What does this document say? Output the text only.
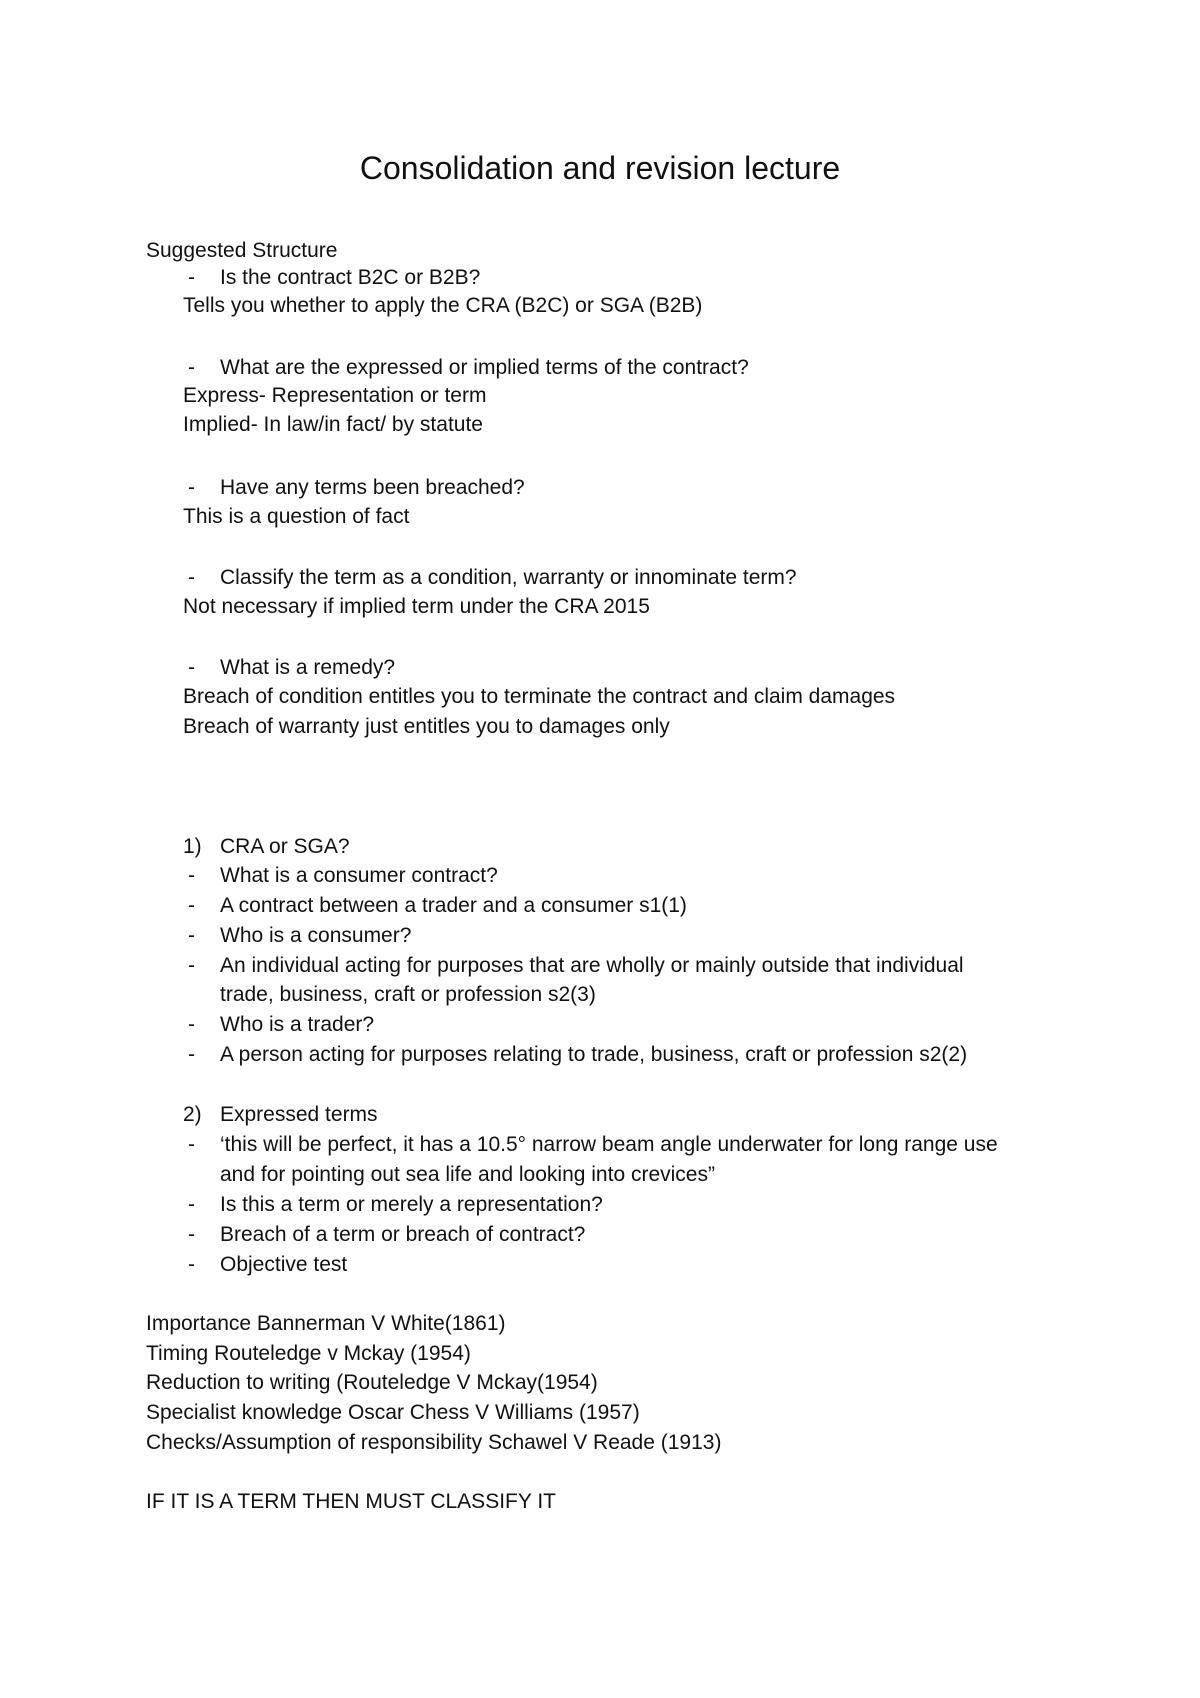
Consolidation and revision lecture
Suggested Structure
- Is the contract B2C or B2B?
Tells you whether to apply the CRA (B2C) or SGA (B2B)
- What are the expressed or implied terms of the contract?
Express- Representation or term
Implied- In law/in fact/ by statute
- Have any terms been breached?
This is a question of fact
- Classify the term as a condition, warranty or innominate term?
Not necessary if implied term under the CRA 2015
- What is a remedy?
Breach of condition entitles you to terminate the contract and claim damages
Breach of warranty just entitles you to damages only
1) CRA or SGA?
- What is a consumer contract?
- A contract between a trader and a consumer s1(1)
- Who is a consumer?
- An individual acting for purposes that are wholly or mainly outside that individual
trade, business, craft or profession s2(3)
- Who is a trader?
- A person acting for purposes relating to trade, business, craft or profession s2(2)
2) Expressed terms
- ‘this will be perfect, it has a 10.5° narrow beam angle underwater for long range use
and for pointing out sea life and looking into crevices”
- Is this a term or merely a representation?
- Breach of a term or breach of contract?
- Objective test
Importance Bannerman V White(1861)
Timing Routeledge v Mckay (1954)
Reduction to writing (Routeledge V Mckay(1954)
Specialist knowledge Oscar Chess V Williams (1957)
Checks/Assumption of responsibility Schawel V Reade (1913)
IF IT IS A TERM THEN MUST CLASSIFY IT
